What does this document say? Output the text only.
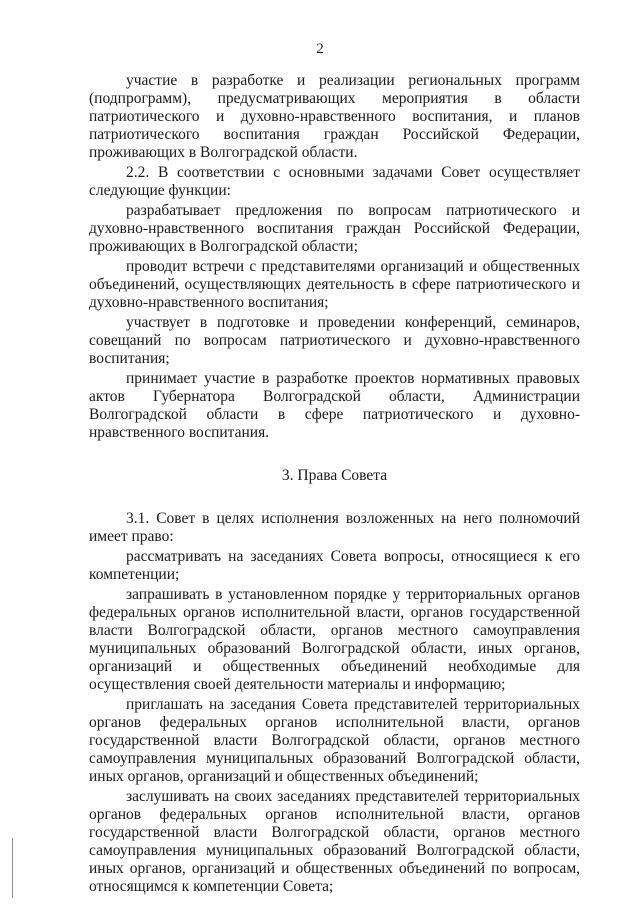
2

участие в разработке и реализации региональных программ (подпрограмм), предусматривающих мероприятия в области патриотического и духовно-нравственного воспитания, и планов патриотического воспитания граждан Российской Федерации, проживающих в Волгоградской области.

2.2. В соответствии с основными задачами Совет осуществляет следующие функции:

разрабатывает предложения по вопросам патриотического и духовно-нравственного воспитания граждан Российской Федерации, проживающих в Волгоградской области;

проводит встречи с представителями организаций и общественных объединений, осуществляющих деятельность в сфере патриотического и духовно-нравственного воспитания;

участвует в подготовке и проведении конференций, семинаров, совещаний по вопросам патриотического и духовно-нравственного воспитания;

принимает участие в разработке проектов нормативных правовых актов Губернатора Волгоградской области, Администрации Волгоградской области в сфере патриотического и духовно-нравственного воспитания.

3. Права Совета

3.1. Совет в целях исполнения возложенных на него полномочий имеет право:

рассматривать на заседаниях Совета вопросы, относящиеся к его компетенции;

запрашивать в установленном порядке у территориальных органов федеральных органов исполнительной власти, органов государственной власти Волгоградской области, органов местного самоуправления муниципальных образований Волгоградской области, иных органов, организаций и общественных объединений необходимые для осуществления своей деятельности материалы и информацию;

приглашать на заседания Совета представителей территориальных органов федеральных органов исполнительной власти, органов государственной власти Волгоградской области, органов местного самоуправления муниципальных образований Волгоградской области, иных органов, организаций и общественных объединений;

заслушивать на своих заседаниях представителей территориальных органов федеральных органов исполнительной власти, органов государственной власти Волгоградской области, органов местного самоуправления муниципальных образований Волгоградской области, иных органов, организаций и общественных объединений по вопросам, относящимся к компетенции Совета;
